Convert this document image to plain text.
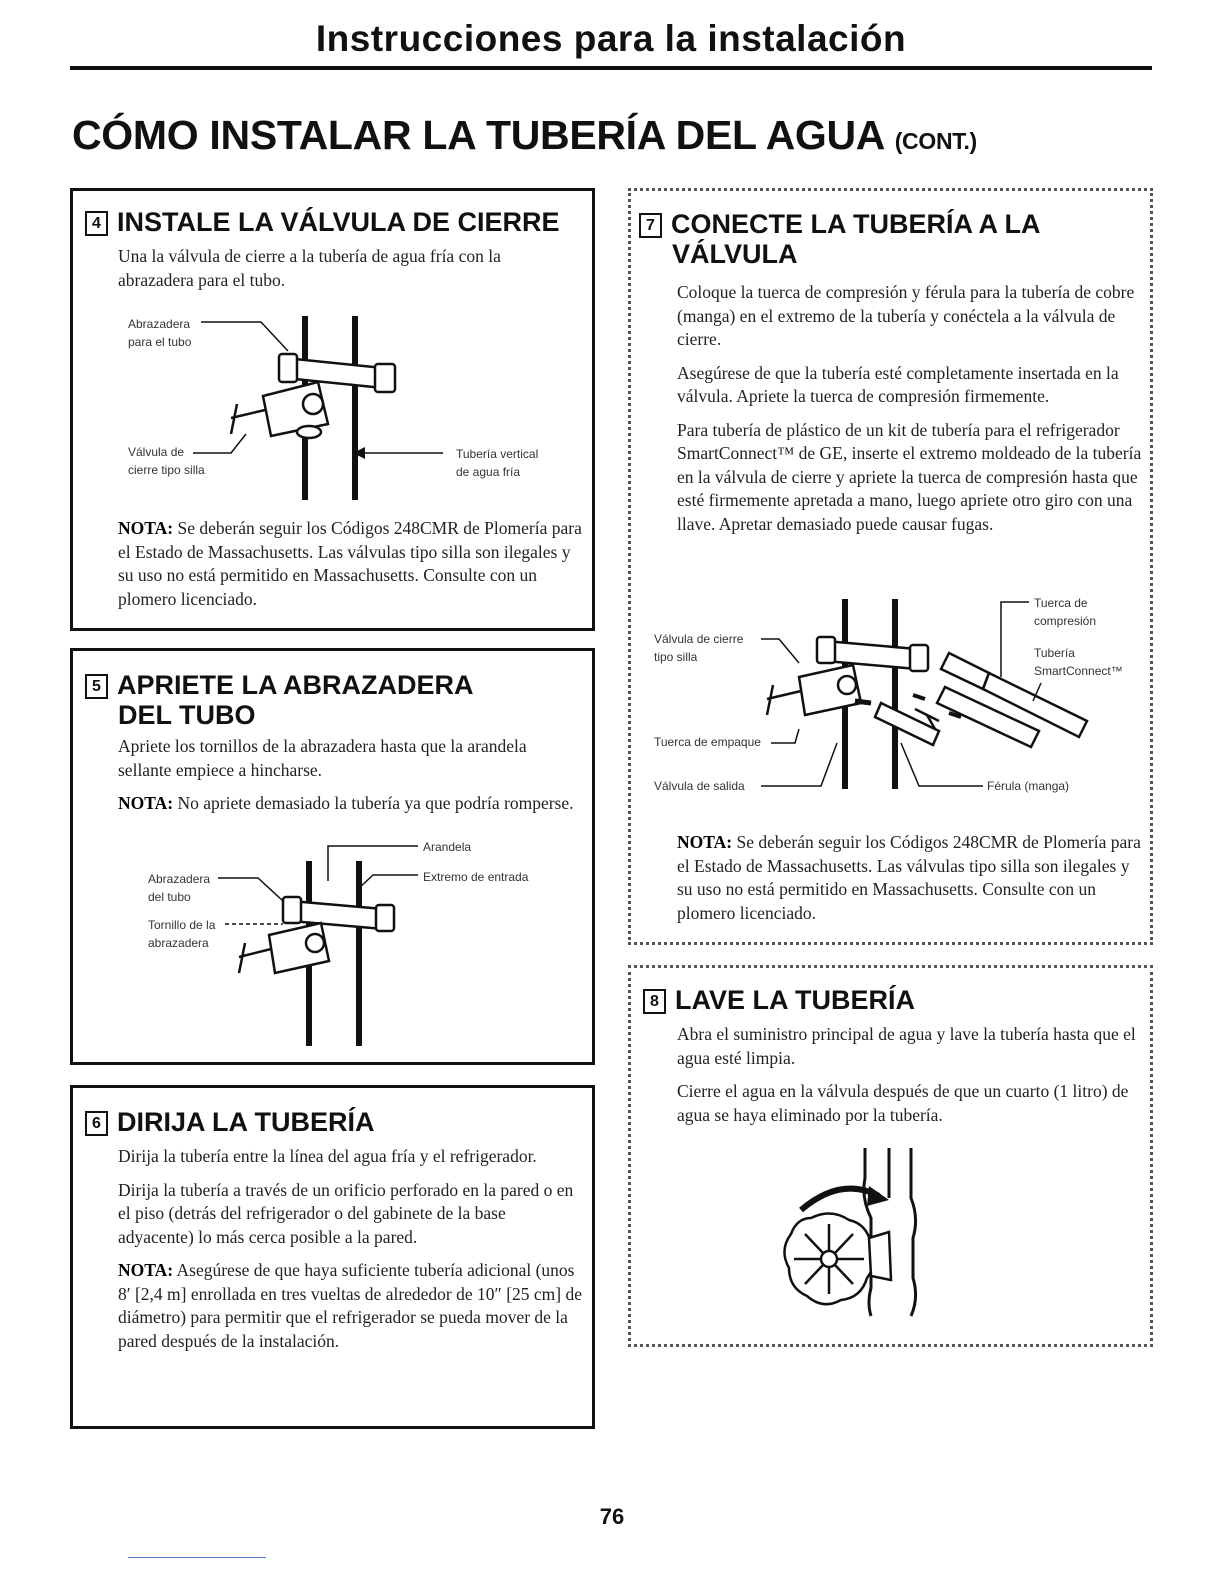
Instrucciones para la instalación
CÓMO INSTALAR LA TUBERÍA DEL AGUA (CONT.)
4 INSTALE LA VÁLVULA DE CIERRE

Una la válvula de cierre a la tubería de agua fría con la abrazadera para el tubo.

Abrazadera
para el tubo
Válvula de
cierre tipo silla
Tubería vertical
de agua fría

NOTA: Se deberán seguir los Códigos 248CMR de Plomería para el Estado de Massachusetts. Las válvulas tipo silla son ilegales y su uso no está permitido en Massachusetts. Consulte con un plomero licenciado.

5 APRIETE LA ABRAZADERA
DEL TUBO

Apriete los tornillos de la abrazadera hasta que la arandela sellante empiece a hincharse.

NOTA: No apriete demasiado la tubería ya que podría romperse.

Arandela
Extremo de entrada
Abrazadera
del tubo
Tornillo de la
abrazadera
6 DIRIJA LA TUBERÍA

Dirija la tubería entre la línea del agua fría y el refrigerador.

Dirija la tubería a través de un orificio perforado en la pared o en el piso (detrás del refrigerador o del gabinete de la base adyacente) lo más cerca posible a la pared.

NOTA: Asegúrese de que haya suficiente tubería adicional (unos 8′ [2,4 m] enrollada en tres vueltas de alrededor de 10″ [25 cm] de diámetro) para permitir que el refrigerador se pueda mover de la pared después de la instalación.

7 CONECTE LA TUBERÍA A LA
VÁLVULA

Coloque la tuerca de compresión y férula para la tubería de cobre (manga) en el extremo de la tubería y conéctela a la válvula de cierre.

Asegúrese de que la tubería esté completamente insertada en la válvula. Apriete la tuerca de compresión firmemente.

Para tubería de plástico de un kit de tubería para el refrigerador SmartConnect™ de GE, inserte el extremo moldeado de la tubería en la válvula de cierre y apriete la tuerca de compresión hasta que esté firmemente apretada a mano, luego apriete otro giro con una llave. Apretar demasiado puede causar fugas.

Válvula de cierre
tipo silla
Tuerca de
compresión
Tubería
SmartConnect™
Tuerca de empaque
Válvula de salida	Férula (manga)

NOTA: Se deberán seguir los Códigos 248CMR de Plomería para el Estado de Massachusetts. Las válvulas tipo silla son ilegales y su uso no está permitido en Massachusetts. Consulte con un plomero licenciado.

8 LAVE LA TUBERÍA

Abra el suministro principal de agua y lave la tubería hasta que el agua esté limpia.

Cierre el agua en la válvula después de que un cuarto (1 litro) de agua se haya eliminado por la tubería.

76
